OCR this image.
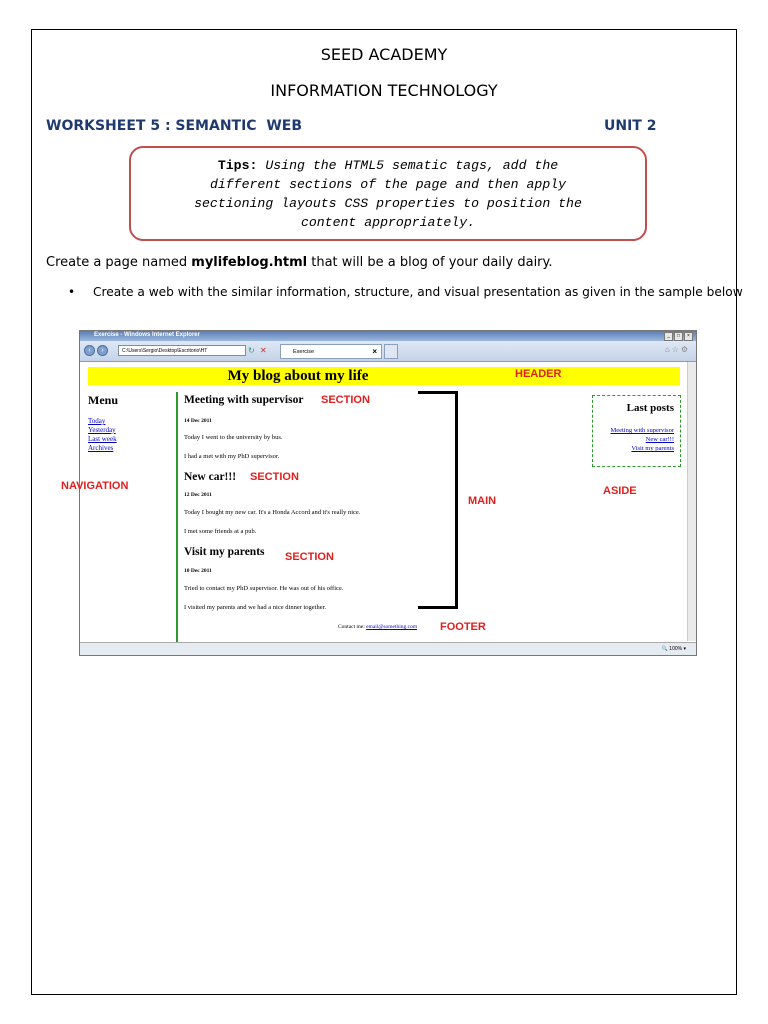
SEED ACADEMY
INFORMATION TECHNOLOGY
WORKSHEET 5 : SEMANTIC  WEB	UNIT 2
Tips: Using the HTML5 sematic tags, add the
different sections of the page and then apply
sectioning layouts CSS properties to position the
content appropriately.
Create a page named mylifeblog.html that will be a blog of your daily dairy.
• Create a web with the similar information, structure, and visual presentation as given in the sample below
Exercise - Windows Internet Explorer	_ □ ×
‹	›	C:\Users\Sergio\Desktop\Escritorio\HT	↻ ✕	Exercise	×	⌂☆⚙
My blog about my life
Menu
Today
Yesterday
Last week
Archives
Meeting with supervisor
14 Dec 2011
Today I went to the university by bus.
I had a met with my PhD supervisor.
New car!!!
12 Dec 2011
Today I bought my new car. It's a Honda Accord and it's really nice.
I met some friends at a pub.
Visit my parents
10 Dec 2011
Tried to contact my PhD supervisor. He was out of his office.
I visited my parents and we had a nice dinner together.
Last posts
Meeting with supervisor
New car!!!
Visit my parents
Contact me: email@something.com
🔍 100% ▾
HEADER
SECTION
SECTION
SECTION
NAVIGATION
MAIN
ASIDE
FOOTER
